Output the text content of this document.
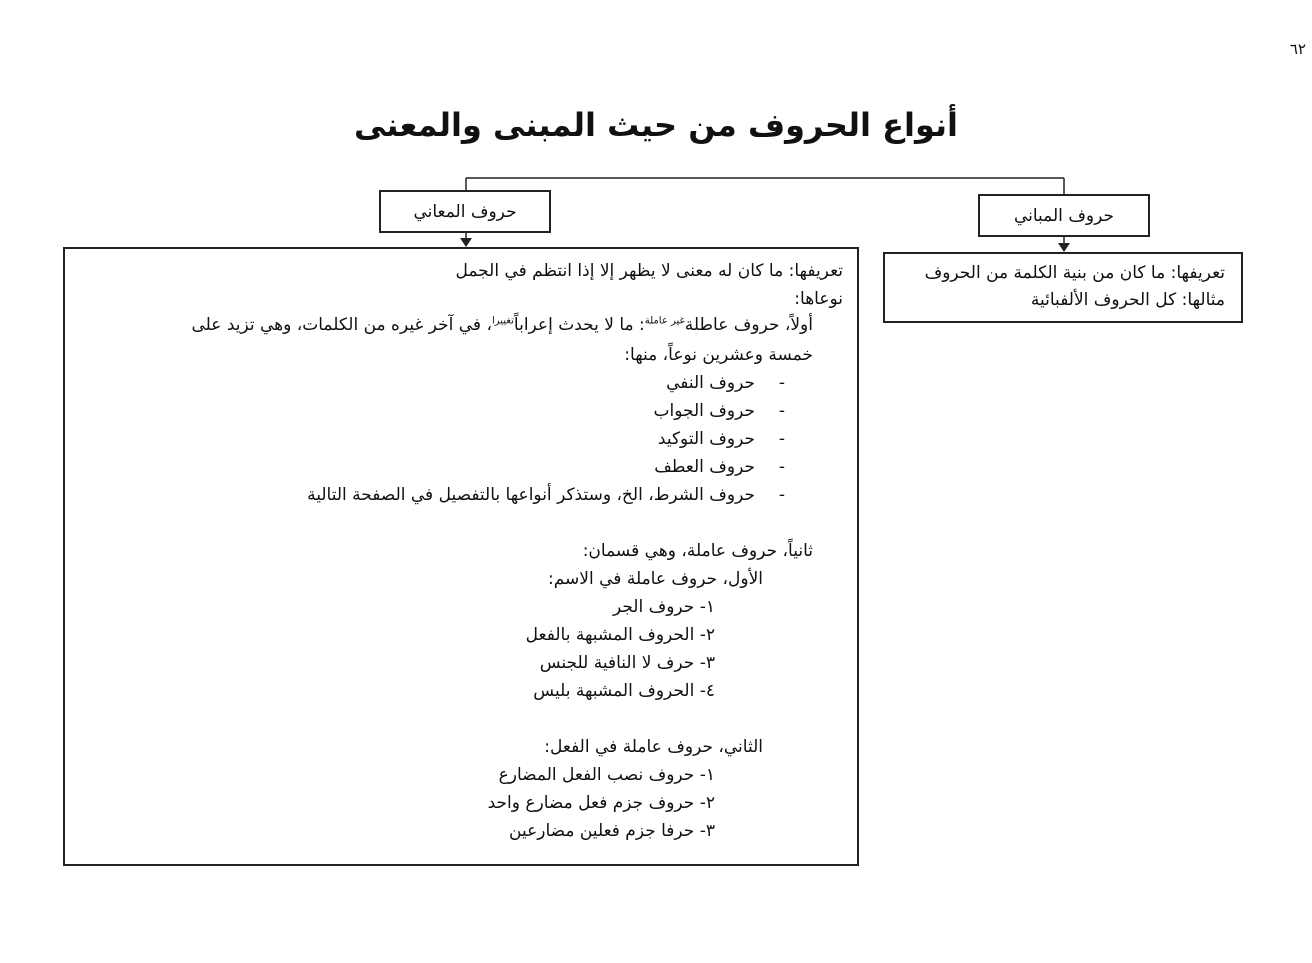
٦٢
أنواع الحروف من حيث المبنى والمعنى
حروف المباني
تعريفها: ما كان من بنية الكلمة من الحروف
مثالها: كل الحروف الألفبائية
حروف المعاني
تعريفها: ما كان له معنى لا يظهر إلا إذا انتظم في الجمل
نوعاها:
أولاً، حروف عاطلة$^{غير عاملة}$: ما لا يحدث إعراباً$^{تغييرا}$، في آخر غيره من الكلمات، وهي تزيد على
خمسة وعشرين نوعاً، منها:
-
حروف النفي
-
حروف الجواب
-
حروف التوكيد
-
حروف العطف
-
حروف الشرط، الخ، وستذكر أنواعها بالتفصيل في الصفحة التالية
ثانياً، حروف عاملة، وهي قسمان:
الأول، حروف عاملة في الاسم:
١- حروف الجر
٢- الحروف المشبهة بالفعل
٣- حرف لا النافية للجنس
٤- الحروف المشبهة بليس
الثاني، حروف عاملة في الفعل:
١- حروف نصب الفعل المضارع
٢- حروف جزم فعل مضارع واحد
٣- حرفا جزم فعلين مضارعين
